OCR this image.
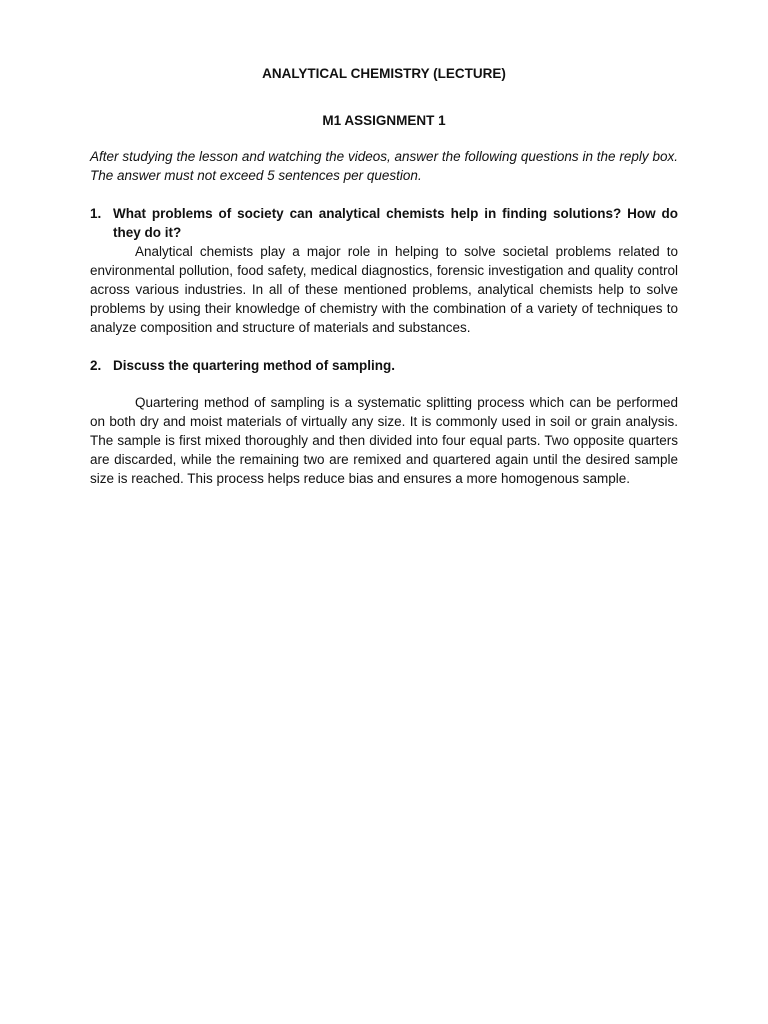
ANALYTICAL CHEMISTRY (LECTURE)
M1 ASSIGNMENT 1

After studying the lesson and watching the videos, answer the following questions in the reply box. The answer must not exceed 5 sentences per question.

1. What problems of society can analytical chemists help in finding solutions? How do they do it?

Analytical chemists play a major role in helping to solve societal problems related to environmental pollution, food safety, medical diagnostics, forensic investigation and quality control across various industries. In all of these mentioned problems, analytical chemists help to solve problems by using their knowledge of chemistry with the combination of a variety of techniques to analyze composition and structure of materials and substances.

2. Discuss the quartering method of sampling.

Quartering method of sampling is a systematic splitting process which can be performed on both dry and moist materials of virtually any size. It is commonly used in soil or grain analysis. The sample is first mixed thoroughly and then divided into four equal parts. Two opposite quarters are discarded, while the remaining two are remixed and quartered again until the desired sample size is reached. This process helps reduce bias and ensures a more homogenous sample.
